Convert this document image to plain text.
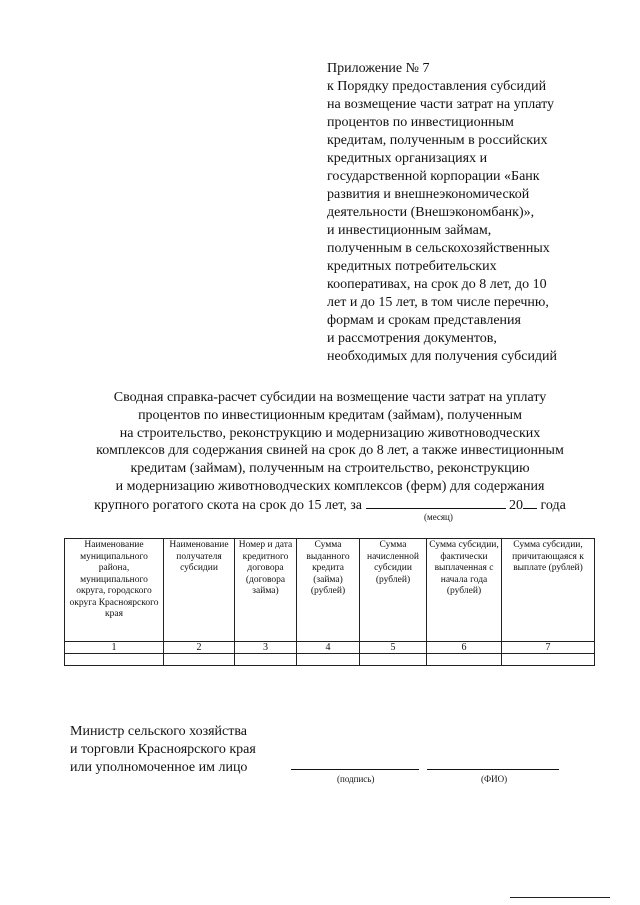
Приложение № 7
к Порядку предоставления субсидий
на возмещение части затрат на уплату
процентов по инвестиционным
кредитам, полученным в российских
кредитных организациях и
государственной корпорации «Банк
развития и внешнеэкономической
деятельности (Внешэкономбанк)»,
и инвестиционным займам,
полученным в сельскохозяйственных
кредитных потребительских
кооперативах, на срок до 8 лет, до 10
лет и до 15 лет, в том числе перечню,
формам и срокам представления
и рассмотрения документов,
необходимых для получения субсидий
Сводная справка-расчет субсидии на возмещение части затрат на уплату
процентов по инвестиционным кредитам (займам), полученным
на строительство, реконструкцию и модернизацию животноводческих
комплексов для содержания свиней на срок до 8 лет, а также инвестиционным
кредитам (займам), полученным на строительство, реконструкцию
и модернизацию животноводческих комплексов (ферм) для содержания
крупного рогатого скота на срок до 15 лет, за	20 года
(месяц)
Наименование муниципального района, муниципального округа, городского округа Красноярского края	Наименование получателя субсидии	Номер и дата кредитного договора (договора займа)	Сумма выданного кредита (займа) (рублей)	Сумма начисленной субсидии (рублей)	Сумма субсидии, фактически выплаченная с начала года (рублей)	Сумма субсидии, причитающаяся к выплате (рублей)
1	2	3	4	5	6	7

Министр сельского хозяйства
и торговли Красноярского края
или уполномоченное им лицо
(подпись)	(ФИО)
